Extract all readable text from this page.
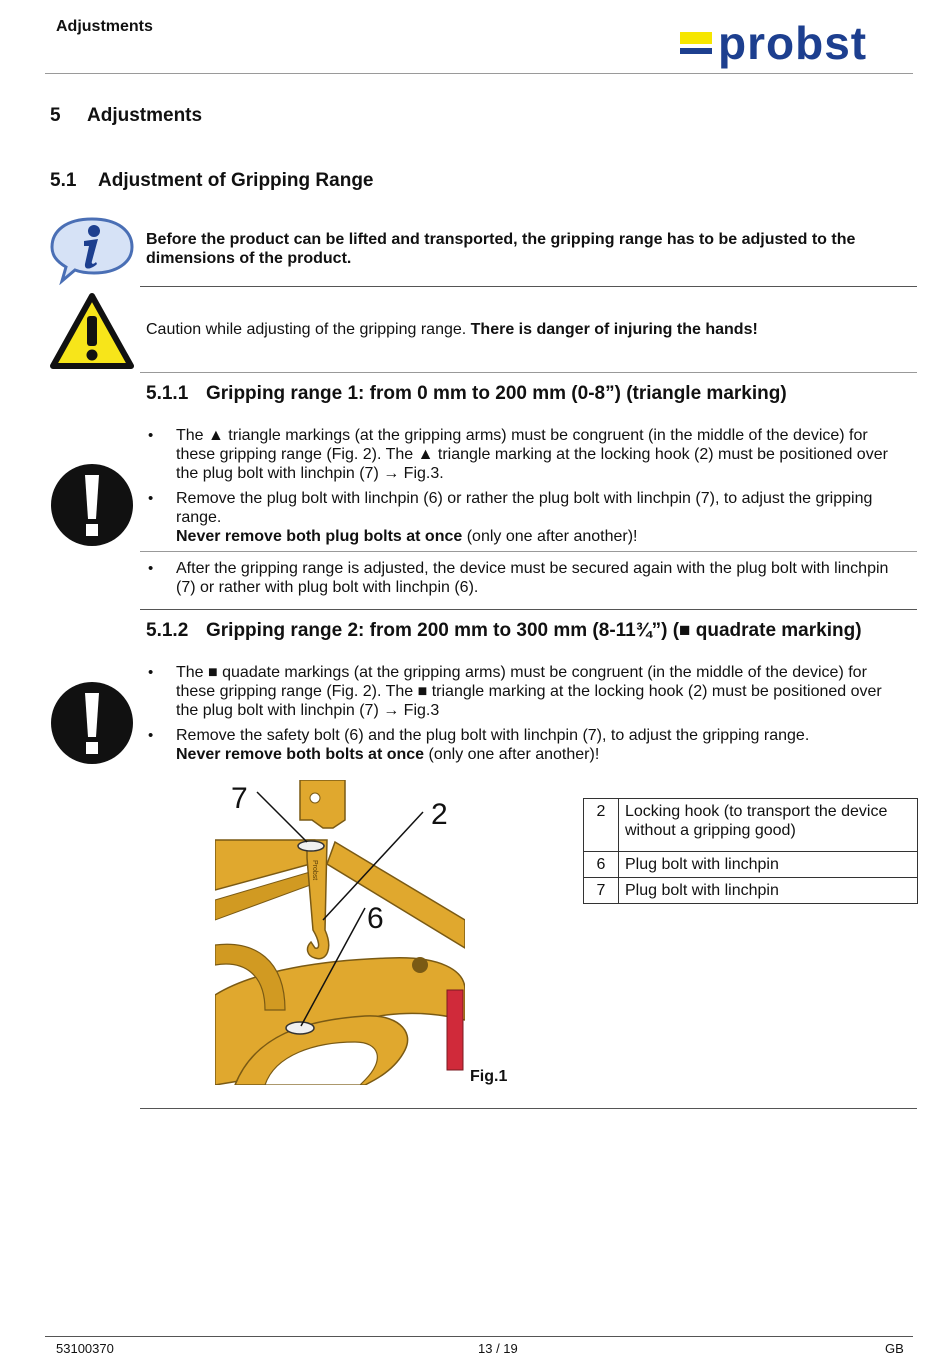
Adjustments	probst
5 Adjustments
5.1 Adjustment of Gripping Range
Before the product can be lifted and transported, the gripping range has to be adjusted to the dimensions of the product.
Caution while adjusting of the gripping range. There is danger of injuring the hands!
5.1.1 Gripping range 1: from 0 mm to 200 mm (0-8”) (triangle marking)
• The ▲ triangle markings (at the gripping arms) must be congruent (in the middle of the device) for these gripping range (Fig. 2). The ▲ triangle marking at the locking hook (2) must be positioned over the plug bolt with linchpin (7) → Fig.3.
• Remove the plug bolt with linchpin (6) or rather the plug bolt with linchpin (7), to adjust the gripping range.
Never remove both plug bolts at once (only one after another)!
• After the gripping range is adjusted, the device must be secured again with the plug bolt with linchpin (7) or rather with plug bolt with linchpin (6).
5.1.2 Gripping range 2: from 200 mm to 300 mm (8-11¾”) (■ quadrate marking)
• The ■ quadate markings (at the gripping arms) must be congruent (in the middle of the device) for these gripping range (Fig. 2). The ■ triangle marking at the locking hook (2) must be positioned over the plug bolt with linchpin (7) → Fig.3
• Remove the safety bolt (6) and the plug bolt with linchpin (7), to adjust the gripping range.
Never remove both bolts at once (only one after another)!
Probst
7	2
6
Fig.1
2	Locking hook (to transport the device without a gripping good)
6	Plug bolt with linchpin
7	Plug bolt with linchpin
53100370	13 / 19	GB
